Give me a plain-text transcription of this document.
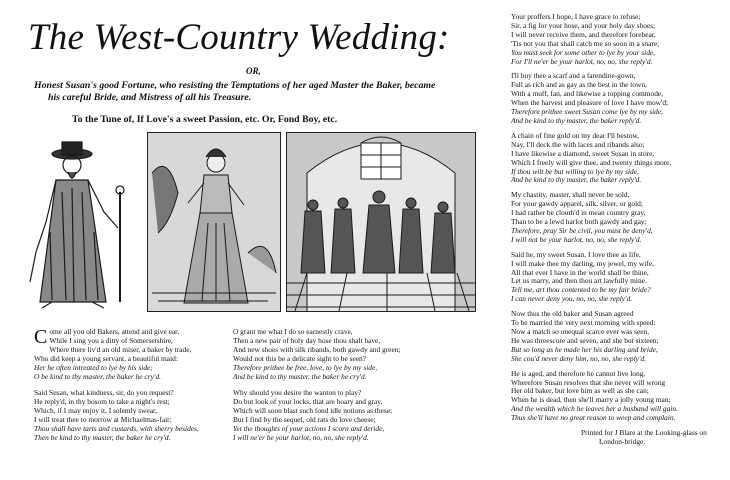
The West-Country Wedding:
OR,
Honest Susan's good Fortune, who resisting the Temptations of her aged Master the Baker, became
his careful Bride, and Mistress of all his Treasure.
To the Tune of, If Love's a sweet Passion, etc. Or, Fond Boy, etc.
Come all you old Bakers, attend and give ear,
While I sing you a ditty of Somersetshire,
Where there liv'd an old miser, a baker by trade,
Who did keep a young servant, a beautiful maid:
Her he often intreated to lye by his side;
O be kind to thy master, the baker he cry'd.
Said Susan, what kindness, sir, do you request?
He reply'd, in thy bosom to take a night's rest;
Which, if I may enjoy it, I solemly swear,
I will treat thee to morrow at Michaelmas-fair;
Thou shall have tarts and custards, with sherry besides,
Then be kind to thy master, the baker he cry'd.
O grant me what I do so earnestly crave,
Then a new pair of holy day hose thou shalt have,
And new shoes with silk ribands, both gawdy and green;
Would not this be a delicate sight to be seen?
Therefore prithee be free, love, to lye by my side,
And be kind to thy master, the baker he cry'd.
Why should you desire the wanton to play?
Do but look of your locks, that are hoary and gray,
Which will soon blast such fond idle notions as these;
But I find by the sequel, old rats do love cheese;
Yet the thoughts of your actions I scorn and deride,
I will ne'er be your harlot, no, no, she reply'd.
Your proffers I hope, I have grace to refuse;
Sir, a fig for your hose, and your holy day shoes;
I will never receive them, and therefore forebear,
'Tis not you that shall catch me so soon in a snare;
You must seek for some other to lye by your side,
For I'll ne'er be your harlot, no, no, she reply'd.
I'll buy thee a scarf and a farendine-gown,
Full as rich and as gay as the best in the town,
With a muff, fan, and likewise a topping commode,
When the harvest and pleasure of love I have mow'd;
Therefore prithee sweet Susan come lye by my side,
And be kind to thy master, the baker reply'd.
A chain of fine gold on my dear I'll bestow,
Nay, I'll deck the with laces and ribands also;
I have likewise a diamond, sweet Susan in store,
Which I freely will give thee, and twenty things more,
If thou wilt be but willing to lye by my side,
And be kind to thy master, the baker reply'd.
My chastity, master, shall never be sold,
For your gawdy apparel, silk, silver, or gold;
I had rather be clouth'd in mean country gray,
Than to be a lewd harlot both gawdy and gay;
Therefore, pray Sir be civil, you must be deny'd,
I will not be your harlot, no, no, she reply'd.
Said he, my sweet Susan, I love thee as life,
I will make thee my darling, my jewel, my wife,
All that ever I have in the world shall be thine,
Let us marry, and then thou art lawfully mine.
Tell me, art thou contented to be my fair bride?
I can never deny you, no, no, she reply'd.
Now thus the old baker and Susan agreed
To be married the very next morning with speed:
Now a match so unequal scarce ever was seen,
He was threescore and seven, and she but sixteen;
But so long as he made her his darling and bride,
She cou'd never deny him, no, no, she reply'd.
He is aged, and therefore he cannot live long,
Wherefore Susan resolves that she never will wrong
Her old baker, but love him as well as she can;
When he is dead, then she'll marry a jolly young man;
And the wealth which he leaves her a husband will gain.
Thus she'll have no great reason to weep and complain.
Printed for J Blare at the Looking-glass on
London-bridge.
